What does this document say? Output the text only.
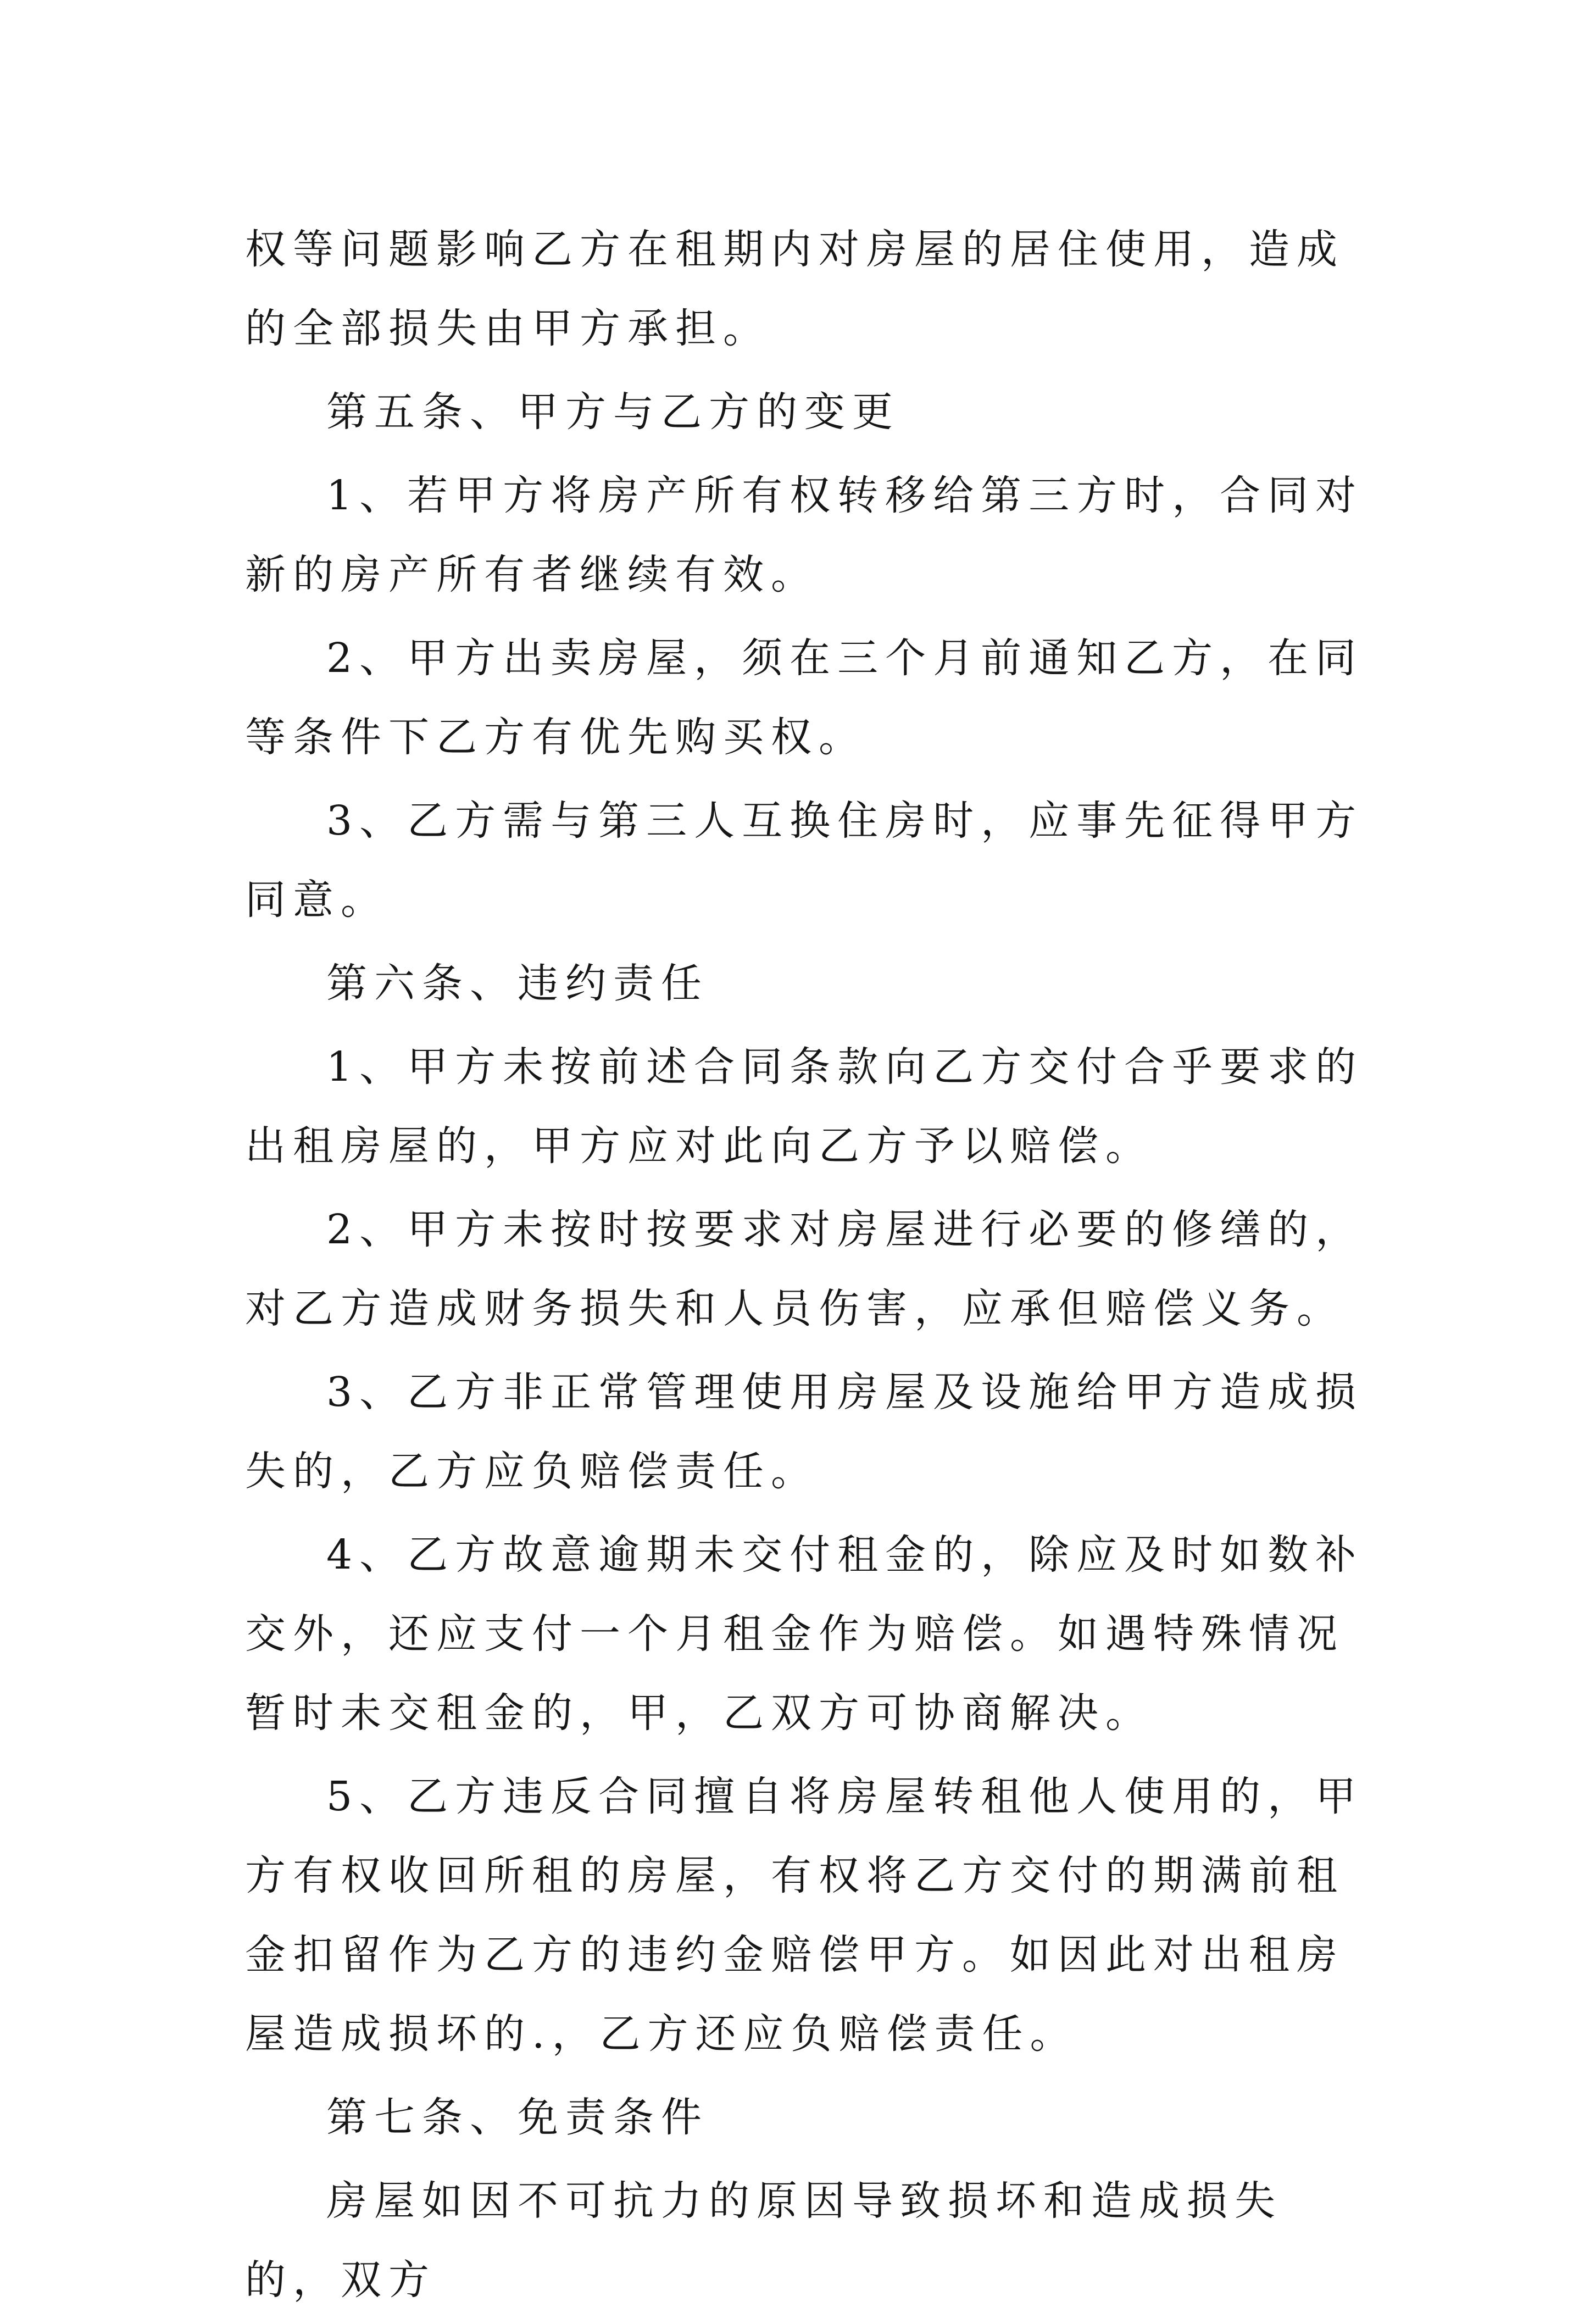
权等问题影响乙方在租期内对房屋的居住使用，造成的全部损失由甲方承担。

第五条、甲方与乙方的变更

1、若甲方将房产所有权转移给第三方时，合同对新的房产所有者继续有效。

2、甲方出卖房屋，须在三个月前通知乙方，在同等条件下乙方有优先购买权。

3、乙方需与第三人互换住房时，应事先征得甲方同意。

第六条、违约责任

1、甲方未按前述合同条款向乙方交付合乎要求的出租房屋的，甲方应对此向乙方予以赔偿。

2、甲方未按时按要求对房屋进行必要的修缮的，对乙方造成财务损失和人员伤害，应承但赔偿义务。

3、乙方非正常管理使用房屋及设施给甲方造成损失的，乙方应负赔偿责任。

4、乙方故意逾期未交付租金的，除应及时如数补交外，还应支付一个月租金作为赔偿。如遇特殊情况暂时未交租金的，甲，乙双方可协商解决。

5、乙方违反合同擅自将房屋转租他人使用的，甲方有权收回所租的房屋，有权将乙方交付的期满前租金扣留作为乙方的违约金赔偿甲方。如因此对出租房屋造成损坏的.，乙方还应负赔偿责任。

第七条、免责条件

房屋如因不可抗力的原因导致损坏和造成损失的，双方
